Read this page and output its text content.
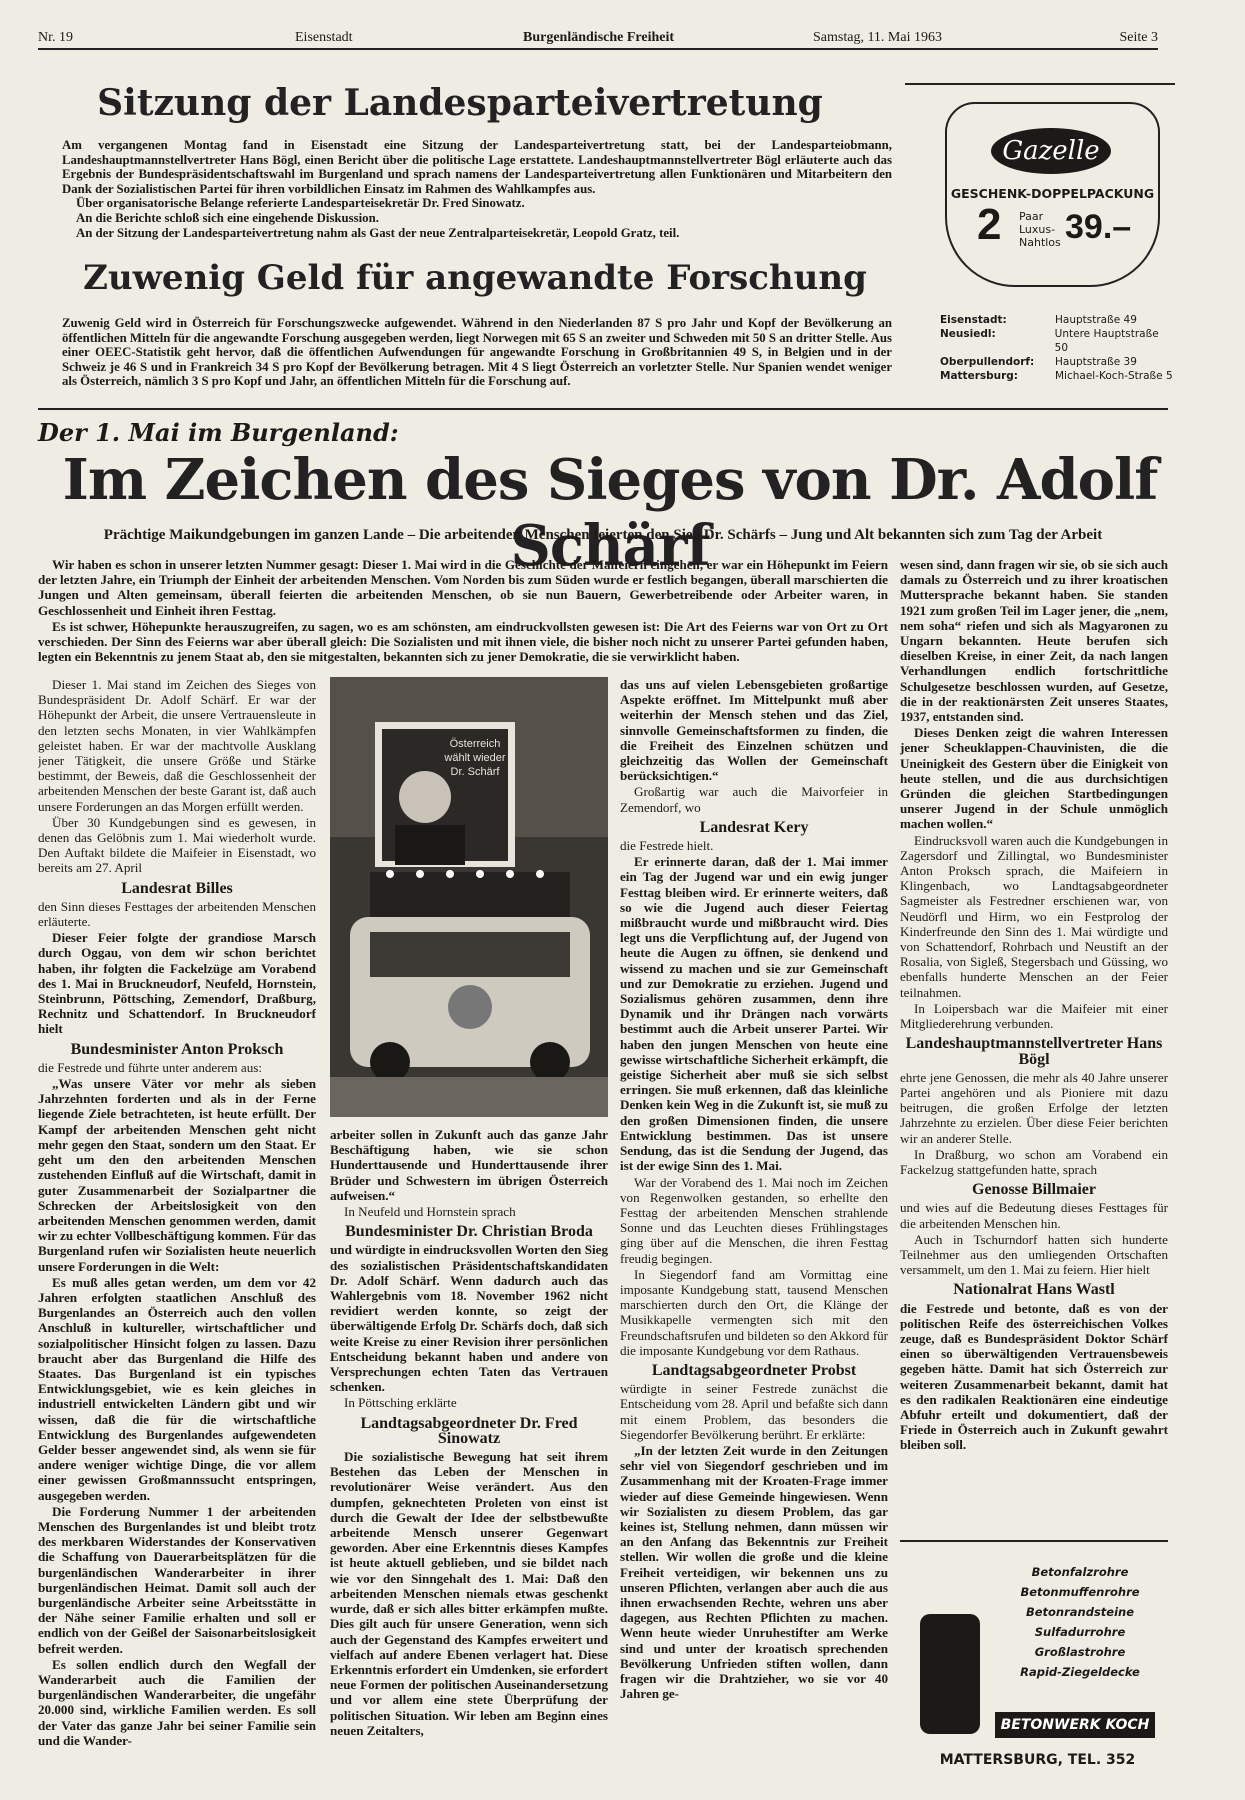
Nr. 19	Eisenstadt	Burgenländische Freiheit	Samstag, 11. Mai 1963	Seite 3
Sitzung der Landesparteivertretung
Am vergangenen Montag fand in Eisenstadt eine Sitzung der Landesparteivertretung statt, bei der Landesparteiobmann, Landeshauptmannstellvertreter Hans Bögl, einen Bericht über die politische Lage erstattete. Landeshauptmannstellvertreter Bögl erläuterte auch das Ergebnis der Bundespräsidentschaftswahl im Burgenland und sprach namens der Landesparteivertretung allen Funktionären und Mitarbeitern den Dank der Sozialistischen Partei für ihren vorbildlichen Einsatz im Rahmen des Wahlkampfes aus.
Über organisatorische Belange referierte Landesparteisekretär Dr. Fred Sinowatz.
An die Berichte schloß sich eine eingehende Diskussion.
An der Sitzung der Landesparteivertretung nahm als Gast der neue Zentralparteisekretär, Leopold Gratz, teil.
Zuwenig Geld für angewandte Forschung
Zuwenig Geld wird in Österreich für Forschungszwecke aufgewendet. Während in den Niederlanden 87 S pro Jahr und Kopf der Bevölkerung an öffentlichen Mitteln für die angewandte Forschung ausgegeben werden, liegt Norwegen mit 65 S an zweiter und Schweden mit 50 S an dritter Stelle. Aus einer OEEC-Statistik geht hervor, daß die öffentlichen Aufwendungen für angewandte Forschung in Großbritannien 49 S, in Belgien und in der Schweiz je 46 S und in Frankreich 34 S pro Kopf der Bevölkerung betragen. Mit 4 S liegt Österreich an vorletzter Stelle. Nur Spanien wendet weniger als Österreich, nämlich 3 S pro Kopf und Jahr, an öffentlichen Mitteln für die Forschung auf.
Gazelle
GESCHENK-DOPPELPACKUNG
2 Paar
Luxus-
Nahtlos 39.–
Eisenstadt:	Hauptstraße 49
Neusiedl:	Untere Hauptstraße 50
Oberpullendorf:	Hauptstraße 39
Mattersburg:	Michael-Koch-Straße 5
Der 1. Mai im Burgenland:
Im Zeichen des Sieges von Dr. Adolf Schärf
Prächtige Maikundgebungen im ganzen Lande – Die arbeitenden Menschen feierten den Sieg Dr. Schärfs – Jung und Alt bekannten sich zum Tag der Arbeit

Wir haben es schon in unserer letzten Nummer gesagt: Dieser 1. Mai wird in die Geschichte der Maifeiern eingehen, er war ein Höhepunkt im Feiern der letzten Jahre, ein Triumph der Einheit der arbeitenden Menschen. Vom Norden bis zum Süden wurde er festlich begangen, überall marschierten die Jungen und Alten gemeinsam, überall feierten die arbeitenden Menschen, ob sie nun Bauern, Gewerbetreibende oder Arbeiter waren, in Geschlossenheit und Einheit ihren Festtag.

Es ist schwer, Höhepunkte herauszugreifen, zu sagen, wo es am schönsten, am eindruckvollsten gewesen ist: Die Art des Feierns war von Ort zu Ort verschieden. Der Sinn des Feierns war aber überall gleich: Die Sozialisten und mit ihnen viele, die bisher noch nicht zu unserer Partei gefunden haben, legten ein Bekenntnis zu jenem Staat ab, den sie mitgestalten, bekannten sich zu jener Demokratie, die sie verwirklicht haben.

Dieser 1. Mai stand im Zeichen des Sieges von Bundespräsident Dr. Adolf Schärf. Er war der Höhepunkt der Arbeit, die unsere Vertrauensleute in den letzten sechs Monaten, in vier Wahlkämpfen geleistet haben. Er war der machtvolle Ausklang jener Tätigkeit, die unsere Größe und Stärke bestimmt, der Beweis, daß die Geschlossenheit der arbeitenden Menschen der beste Garant ist, daß auch unsere Forderungen an das Morgen erfüllt werden.

Über 30 Kundgebungen sind es gewesen, in denen das Gelöbnis zum 1. Mai wiederholt wurde. Den Auftakt bildete die Maifeier in Eisenstadt, wo bereits am 27. April

Landesrat Billes

den Sinn dieses Festtages der arbeitenden Menschen erläuterte.

Dieser Feier folgte der grandiose Marsch durch Oggau, von dem wir schon berichtet haben, ihr folgten die Fackelzüge am Vorabend des 1. Mai in Bruckneudorf, Neufeld, Hornstein, Steinbrunn, Pöttsching, Zemendorf, Draßburg, Rechnitz und Schattendorf. In Bruckneudorf hielt

Bundesminister Anton Proksch

die Festrede und führte unter anderem aus:

„Was unsere Väter vor mehr als sieben Jahrzehnten forderten und als in der Ferne liegende Ziele betrachteten, ist heute erfüllt. Der Kampf der arbeitenden Menschen geht nicht mehr gegen den Staat, sondern um den Staat. Er geht um den den arbeitenden Menschen zustehenden Einfluß auf die Wirtschaft, damit in guter Zusammenarbeit der Sozialpartner die Schrecken der Arbeitslosigkeit von den arbeitenden Menschen genommen werden, damit wir zu echter Vollbeschäftigung kommen. Für das Burgenland rufen wir Sozialisten heute neuerlich unsere Forderungen in die Welt:

Es muß alles getan werden, um dem vor 42 Jahren erfolgten staatlichen Anschluß des Burgenlandes an Österreich auch den vollen Anschluß in kultureller, wirtschaftlicher und sozialpolitischer Hinsicht folgen zu lassen. Dazu braucht aber das Burgenland die Hilfe des Staates. Das Burgenland ist ein typisches Entwicklungsgebiet, wie es kein gleiches in industriell entwickelten Ländern gibt und wir wissen, daß die für die wirtschaftliche Entwicklung des Burgenlandes aufgewendeten Gelder besser angewendet sind, als wenn sie für andere weniger wichtige Dinge, die vor allem einer gewissen Großmannssucht entspringen, ausgegeben werden.

Die Forderung Nummer 1 der arbeitenden Menschen des Burgenlandes ist und bleibt trotz des merkbaren Widerstandes der Konservativen die Schaffung von Dauerarbeitsplätzen für die burgenländischen Wanderarbeiter in ihrer burgenländischen Heimat. Damit soll auch der burgenländische Arbeiter seine Arbeitsstätte in der Nähe seiner Familie erhalten und soll er endlich von der Geißel der Saisonarbeitslosigkeit befreit werden.

Es sollen endlich durch den Wegfall der Wanderarbeit auch die Familien der burgenländischen Wanderarbeiter, die ungefähr 20.000 sind, wirkliche Familien werden. Es soll der Vater das ganze Jahr bei seiner Familie sein und die Wander-

Österreich wählt wieder Dr. Schärf

arbeiter sollen in Zukunft auch das ganze Jahr Beschäftigung haben, wie sie schon Hunderttausende und Hunderttausende ihrer Brüder und Schwestern im übrigen Österreich aufweisen.“

In Neufeld und Hornstein sprach

Bundesminister Dr. Christian Broda

und würdigte in eindrucksvollen Worten den Sieg des sozialistischen Präsidentschaftskandidaten Dr. Adolf Schärf. Wenn dadurch auch das Wahlergebnis vom 18. November 1962 nicht revidiert werden konnte, so zeigt der überwältigende Erfolg Dr. Schärfs doch, daß sich weite Kreise zu einer Revision ihrer persönlichen Entscheidung bekannt haben und andere von Versprechungen echten Taten das Vertrauen schenken.

In Pöttsching erklärte

Landtagsabgeordneter Dr. Fred Sinowatz

Die sozialistische Bewegung hat seit ihrem Bestehen das Leben der Menschen in revolutionärer Weise verändert. Aus den dumpfen, geknechteten Proleten von einst ist durch die Gewalt der Idee der selbstbewußte arbeitende Mensch unserer Gegenwart geworden. Aber eine Erkenntnis dieses Kampfes ist heute aktuell geblieben, und sie bildet nach wie vor den Sinngehalt des 1. Mai: Daß den arbeitenden Menschen niemals etwas geschenkt wurde, daß er sich alles bitter erkämpfen mußte. Dies gilt auch für unsere Generation, wenn sich auch der Gegenstand des Kampfes erweitert und vielfach auf andere Ebenen verlagert hat. Diese Erkenntnis erfordert ein Umdenken, sie erfordert neue Formen der politischen Auseinandersetzung und vor allem eine stete Überprüfung der politischen Situation. Wir leben am Beginn eines neuen Zeitalters,

das uns auf vielen Lebensgebieten großartige Aspekte eröffnet. Im Mittelpunkt muß aber weiterhin der Mensch stehen und das Ziel, sinnvolle Gemeinschaftsformen zu finden, die die Freiheit des Einzelnen schützen und gleichzeitig das Wollen der Gemeinschaft berücksichtigen.“

Großartig war auch die Maivorfeier in Zemendorf, wo

Landesrat Kery

die Festrede hielt.

Er erinnerte daran, daß der 1. Mai immer ein Tag der Jugend war und ein ewig junger Festtag bleiben wird. Er erinnerte weiters, daß so wie die Jugend auch dieser Feiertag mißbraucht wurde und mißbraucht wird. Dies legt uns die Verpflichtung auf, der Jugend von heute die Augen zu öffnen, sie denkend und wissend zu machen und sie zur Gemeinschaft und zur Demokratie zu erziehen. Jugend und Sozialismus gehören zusammen, denn ihre Dynamik und ihr Drängen nach vorwärts bestimmt auch die Arbeit unserer Partei. Wir haben den jungen Menschen von heute eine gewisse wirtschaftliche Sicherheit erkämpft, die geistige Sicherheit aber muß sie sich selbst erringen. Sie muß erkennen, daß das kleinliche Denken kein Weg in die Zukunft ist, sie muß zu den großen Dimensionen finden, die unsere Entwicklung bestimmen. Das ist unsere Sendung, das ist die Sendung der Jugend, das ist der ewige Sinn des 1. Mai.

War der Vorabend des 1. Mai noch im Zeichen von Regenwolken gestanden, so erhellte den Festtag der arbeitenden Menschen strahlende Sonne und das Leuchten dieses Frühlingstages ging über auf die Menschen, die ihren Festtag freudig begingen.

In Siegendorf fand am Vormittag eine imposante Kundgebung statt, tausend Menschen marschierten durch den Ort, die Klänge der Musikkapelle vermengten sich mit den Freundschaftsrufen und bildeten so den Akkord für die imposante Kundgebung vor dem Rathaus.

Landtagsabgeordneter Probst

würdigte in seiner Festrede zunächst die Entscheidung vom 28. April und befaßte sich dann mit einem Problem, das besonders die Siegendorfer Bevölkerung berührt. Er erklärte:

„In der letzten Zeit wurde in den Zeitungen sehr viel von Siegendorf geschrieben und im Zusammenhang mit der Kroaten-Frage immer wieder auf diese Gemeinde hingewiesen. Wenn wir Sozialisten zu diesem Problem, das gar keines ist, Stellung nehmen, dann müssen wir an den Anfang das Bekenntnis zur Freiheit stellen. Wir wollen die große und die kleine Freiheit verteidigen, wir bekennen uns zu unseren Pflichten, verlangen aber auch die aus ihnen erwachsenden Rechte, wehren uns aber dagegen, aus Rechten Pflichten zu machen. Wenn heute wieder Unruhestifter am Werke sind und unter der kroatisch sprechenden Bevölkerung Unfrieden stiften wollen, dann fragen wir die Drahtzieher, wo sie vor 40 Jahren ge-

wesen sind, dann fragen wir sie, ob sie sich auch damals zu Österreich und zu ihrer kroatischen Muttersprache bekannt haben. Sie standen 1921 zum großen Teil im Lager jener, die „nem, nem soha“ riefen und sich als Magyaronen zu Ungarn bekannten. Heute berufen sich dieselben Kreise, in einer Zeit, da nach langen Verhandlungen endlich fortschrittliche Schulgesetze beschlossen wurden, auf Gesetze, die in der reaktionärsten Zeit unseres Staates, 1937, entstanden sind.

Dieses Denken zeigt die wahren Interessen jener Scheuklappen-Chauvinisten, die die Uneinigkeit des Gestern über die Einigkeit von heute stellen, und die aus durchsichtigen Gründen die gleichen Startbedingungen unserer Jugend in der Schule unmöglich machen wollen.“

Eindrucksvoll waren auch die Kundgebungen in Zagersdorf und Zillingtal, wo Bundesminister Anton Proksch sprach, die Maifeiern in Klingenbach, wo Landtagsabgeordneter Sagmeister als Festredner erschienen war, von Neudörfl und Hirm, wo ein Festprolog der Kinderfreunde den Sinn des 1. Mai würdigte und von Schattendorf, Rohrbach und Neustift an der Rosalia, von Sigleß, Stegersbach und Güssing, wo ebenfalls hunderte Menschen an der Feier teilnahmen.

In Loipersbach war die Maifeier mit einer Mitgliederehrung verbunden.

Landeshauptmannstellvertreter Hans Bögl

ehrte jene Genossen, die mehr als 40 Jahre unserer Partei angehören und als Pioniere mit dazu beitrugen, die großen Erfolge der letzten Jahrzehnte zu erzielen. Über diese Feier berichten wir an anderer Stelle.

In Draßburg, wo schon am Vorabend ein Fackelzug stattgefunden hatte, sprach

Genosse Billmaier

und wies auf die Bedeutung dieses Festtages für die arbeitenden Menschen hin.

Auch in Tschurndorf hatten sich hunderte Teilnehmer aus den umliegenden Ortschaften versammelt, um den 1. Mai zu feiern. Hier hielt

Nationalrat Hans Wastl

die Festrede und betonte, daß es von der politischen Reife des österreichischen Volkes zeuge, daß es Bundespräsident Doktor Schärf einen so überwältigenden Vertrauensbeweis gegeben hätte. Damit hat sich Österreich zur weiteren Zusammenarbeit bekannt, damit hat es den radikalen Reaktionären eine eindeutige Abfuhr erteilt und dokumentiert, daß der Friede in Österreich auch in Zukunft gewahrt bleiben soll.

Betonfalzrohre
Betonmuffenrohre
Betonrandsteine
Sulfadurrohre
Großlastrohre
Rapid-Ziegeldecke
BETONWERK KOCH
MATTERSBURG, TEL. 352
